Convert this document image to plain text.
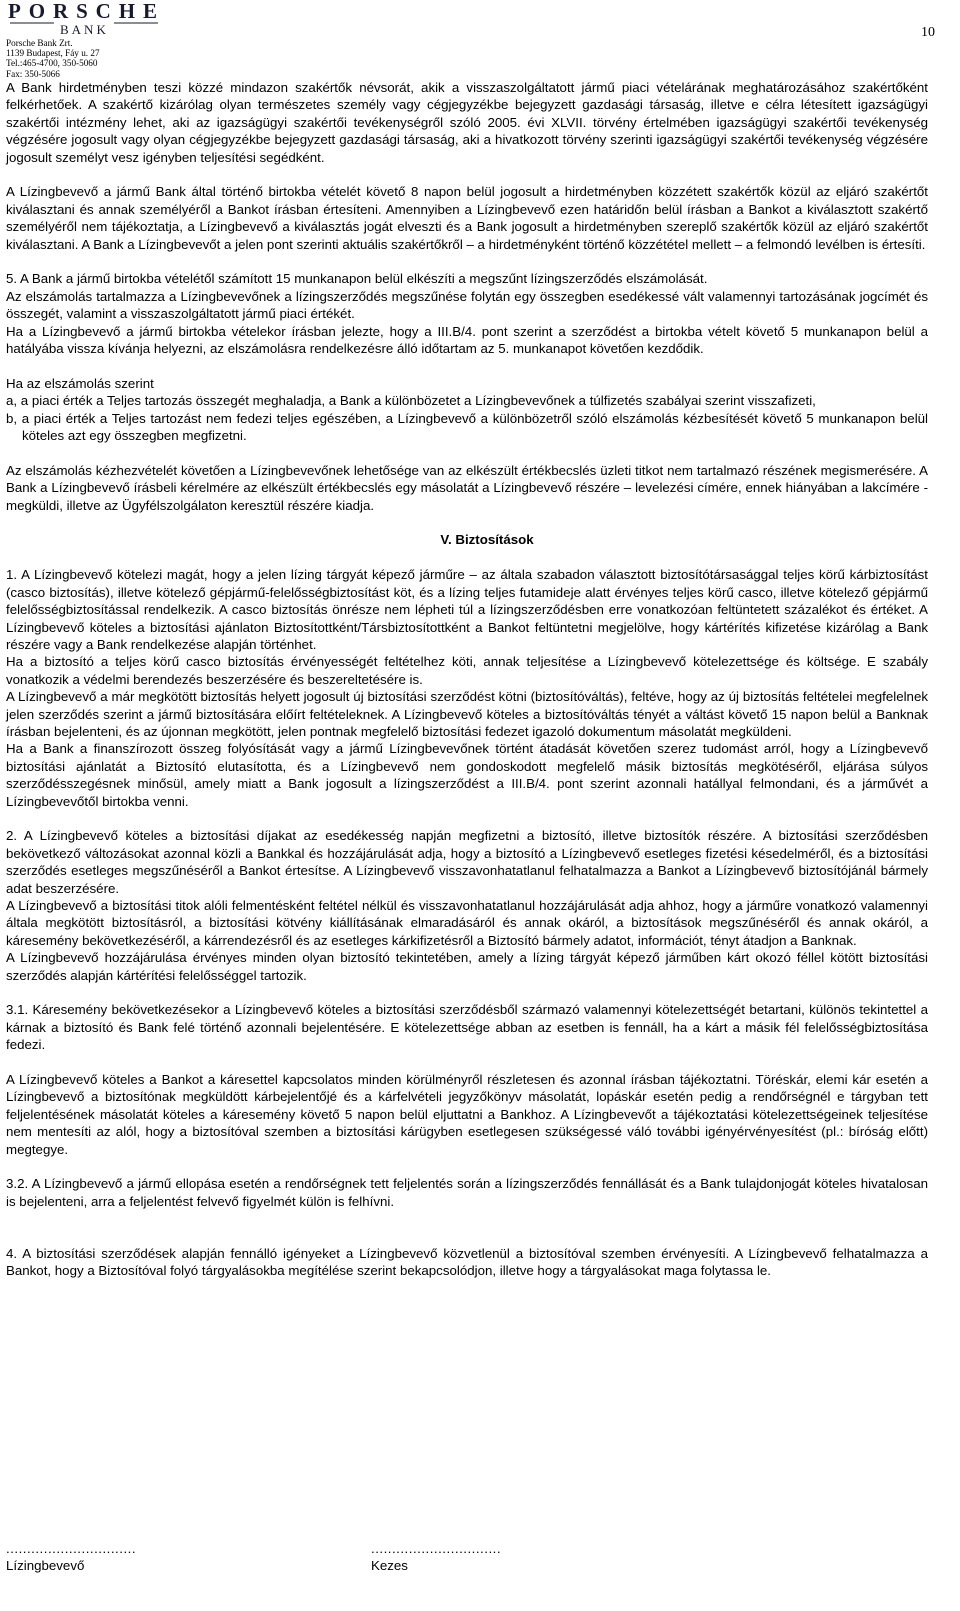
PORSCHE
BANK
Porsche Bank Zrt.
1139 Budapest, Fáy u. 27
Tel.:465-4700, 350-5060
Fax: 350-5066
10

A Bank hirdetményben teszi közzé mindazon szakértők névsorát, akik a visszaszolgáltatott jármű piaci vételárának meghatározásához szakértőként felkérhetőek. A szakértő kizárólag olyan természetes személy vagy cégjegyzékbe bejegyzett gazdasági társaság, illetve e célra létesített igazságügyi szakértői intézmény lehet, aki az igazságügyi szakértői tevékenységről szóló 2005. évi XLVII. törvény értelmében igazságügyi szakértői tevékenység végzésére jogosult vagy olyan cégjegyzékbe bejegyzett gazdasági társaság, aki a hivatkozott törvény szerinti igazságügyi szakértői tevékenység végzésére jogosult személyt vesz igényben teljesítési segédként.

A Lízingbevevő a jármű Bank által történő birtokba vételét követő 8 napon belül jogosult a hirdetményben közzétett szakértők közül az eljáró szakértőt kiválasztani és annak személyéről a Bankot írásban értesíteni. Amennyiben a Lízingbevevő ezen határidőn belül írásban a Bankot a kiválasztott szakértő személyéről nem tájékoztatja, a Lízingbevevő a kiválasztás jogát elveszti és a Bank jogosult a hirdetményben szereplő szakértők közül az eljáró szakértőt kiválasztani. A Bank a Lízingbevevőt a jelen pont szerinti aktuális szakértőkről – a hirdetményként történő közzététel mellett – a felmondó levélben is értesíti.

5. A Bank a jármű birtokba vételétől számított 15 munkanapon belül elkészíti a megszűnt lízingszerződés elszámolását.

Az elszámolás tartalmazza a Lízingbevevőnek a lízingszerződés megszűnése folytán egy összegben esedékessé vált valamennyi tartozásának jogcímét és összegét, valamint a visszaszolgáltatott jármű piaci értékét.

Ha a Lízingbevevő a jármű birtokba vételekor írásban jelezte, hogy a III.B/4. pont szerint a szerződést a birtokba vételt követő 5 munkanapon belül a hatályába vissza kívánja helyezni, az elszámolásra rendelkezésre álló időtartam az 5. munkanapot követően kezdődik.

Ha az elszámolás szerint

a, a piaci érték a Teljes tartozás összegét meghaladja, a Bank a különbözetet a Lízingbevevőnek a túlfizetés szabályai szerint visszafizeti,
b, a piaci érték a Teljes tartozást nem fedezi teljes egészében, a Lízingbevevő a különbözetről szóló elszámolás kézbesítését követő 5 munkanapon belül köteles azt egy összegben megfizetni.

Az elszámolás kézhezvételét követően a Lízingbevevőnek lehetősége van az elkészült értékbecslés üzleti titkot nem tartalmazó részének megismerésére. A Bank a Lízingbevevő írásbeli kérelmére az elkészült értékbecslés egy másolatát a Lízingbevevő részére – levelezési címére, ennek hiányában a lakcímére - megküldi, illetve az Ügyfélszolgálaton keresztül részére kiadja.

V. Biztosítások

1. A Lízingbevevő kötelezi magát, hogy a jelen lízing tárgyát képező járműre – az általa szabadon választott biztosítótársasággal teljes körű kárbiztosítást (casco biztosítás), illetve kötelező gépjármű-felelősségbiztosítást köt, és a lízing teljes futamideje alatt érvényes teljes körű casco, illetve kötelező gépjármű felelősségbiztosítással rendelkezik. A casco biztosítás önrésze nem lépheti túl a lízingszerződésben erre vonatkozóan feltüntetett százalékot és értéket. A Lízingbevevő köteles a biztosítási ajánlaton Biztosítottként/Társbiztosítottként a Bankot feltüntetni megjelölve, hogy kártérítés kifizetése kizárólag a Bank részére vagy a Bank rendelkezése alapján történhet.

Ha a biztosító a teljes körű casco biztosítás érvényességét feltételhez köti, annak teljesítése a Lízingbevevő kötelezettsége és költsége. E szabály vonatkozik a védelmi berendezés beszerzésére és beszereltetésére is.

A Lízingbevevő a már megkötött biztosítás helyett jogosult új biztosítási szerződést kötni (biztosítóváltás), feltéve, hogy az új biztosítás feltételei megfelelnek jelen szerződés szerint a jármű biztosítására előírt feltételeknek. A Lízingbevevő köteles a biztosítóváltás tényét a váltást követő 15 napon belül a Banknak írásban bejelenteni, és az újonnan megkötött, jelen pontnak megfelelő biztosítási fedezet igazoló dokumentum másolatát megküldeni.

Ha a Bank a finanszírozott összeg folyósítását vagy a jármű Lízingbevevőnek történt átadását követően szerez tudomást arról, hogy a Lízingbevevő biztosítási ajánlatát a Biztosító elutasította, és a Lízingbevevő nem gondoskodott megfelelő másik biztosítás megkötéséről, eljárása súlyos szerződésszegésnek minősül, amely miatt a Bank jogosult a lízingszerződést a III.B/4. pont szerint azonnali hatállyal felmondani, és a járművét a Lízingbevevőtől birtokba venni.

2. A Lízingbevevő köteles a biztosítási díjakat az esedékesség napján megfizetni a biztosító, illetve biztosítók részére. A biztosítási szerződésben bekövetkező változásokat azonnal közli a Bankkal és hozzájárulását adja, hogy a biztosító a Lízingbevevő esetleges fizetési késedelméről, és a biztosítási szerződés esetleges megszűnéséről a Bankot értesítse. A Lízingbevevő visszavonhatatlanul felhatalmazza a Bankot a Lízingbevevő biztosítójánál bármely adat beszerzésére.

A Lízingbevevő a biztosítási titok alóli felmentésként feltétel nélkül és visszavonhatatlanul hozzájárulását adja ahhoz, hogy a járműre vonatkozó valamennyi általa megkötött biztosításról, a biztosítási kötvény kiállításának elmaradásáról és annak okáról, a biztosítások megszűnéséről és annak okáról, a káresemény bekövetkezéséről, a kárrendezésről és az esetleges kárkifizetésről a Biztosító bármely adatot, információt, tényt átadjon a Banknak.

A Lízingbevevő hozzájárulása érvényes minden olyan biztosító tekintetében, amely a lízing tárgyát képező járműben kárt okozó féllel kötött biztosítási szerződés alapján kártérítési felelősséggel tartozik.

3.1. Káresemény bekövetkezésekor a Lízingbevevő köteles a biztosítási szerződésből származó valamennyi kötelezettségét betartani, különös tekintettel a kárnak a biztosító és Bank felé történő azonnali bejelentésére. E kötelezettsége abban az esetben is fennáll, ha a kárt a másik fél felelősségbiztosítása fedezi.

A Lízingbevevő köteles a Bankot a káresettel kapcsolatos minden körülményről részletesen és azonnal írásban tájékoztatni. Töréskár, elemi kár esetén a Lízingbevevő a biztosítónak megküldött kárbejelentőjé és a kárfelvételi jegyzőkönyv másolatát, lopáskár esetén pedig a rendőrségnél e tárgyban tett feljelentésének másolatát köteles a káresemény követő 5 napon belül eljuttatni a Bankhoz. A Lízingbevevőt a tájékoztatási kötelezettségeinek teljesítése nem mentesíti az alól, hogy a biztosítóval szemben a biztosítási kárügyben esetlegesen szükségessé váló további igényérvényesítést (pl.: bíróság előtt) megtegye.

3.2. A Lízingbevevő a jármű ellopása esetén a rendőrségnek tett feljelentés során a lízingszerződés fennállását és a Bank tulajdonjogát köteles hivatalosan is bejelenteni, arra a feljelentést felvevő figyelmét külön is felhívni.

4. A biztosítási szerződések alapján fennálló igényeket a Lízingbevevő közvetlenül a biztosítóval szemben érvényesíti. A Lízingbevevő felhatalmazza a Bankot, hogy a Biztosítóval folyó tárgyalásokba megítélése szerint bekapcsolódjon, illetve hogy a tárgyalásokat maga folytassa le.

...............................
Lízingbevevő
...............................
Kezes
